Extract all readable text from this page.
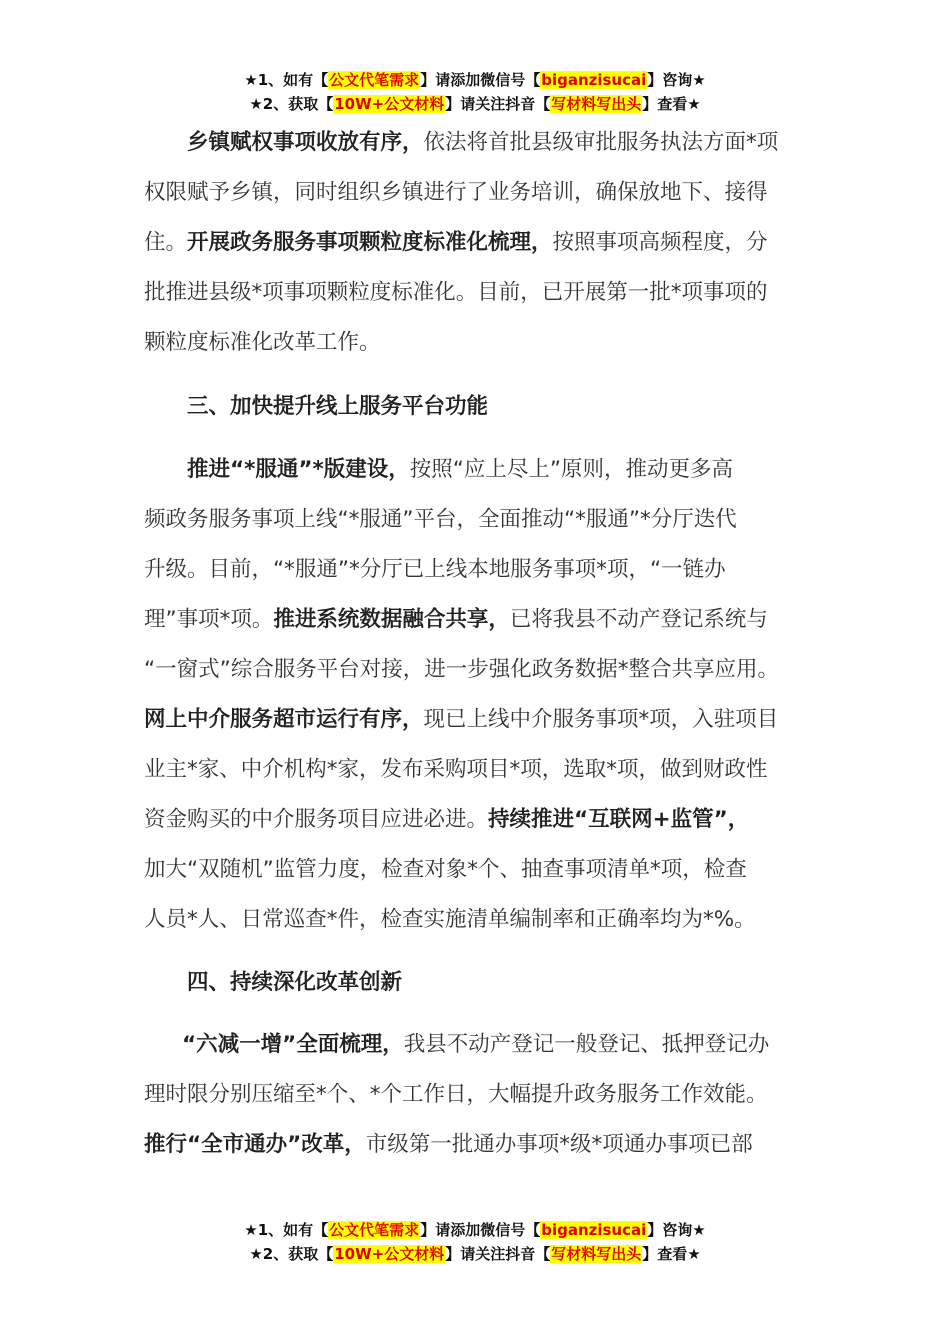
★1、如有【公文代笔需求】请添加微信号【biganzisucai】咨询★
★2、获取【10W+公文材料】请关注抖音【写材料写出头】查看★
乡镇赋权事项收放有序，依法将首批县级审批服务执法方面*项
权限赋予乡镇，同时组织乡镇进行了业务培训，确保放地下、接得
住。开展政务服务事项颗粒度标准化梳理，按照事项高频程度，分
批推进县级*项事项颗粒度标准化。目前，已开展第一批*项事项的
颗粒度标准化改革工作。
三、加快提升线上服务平台功能
推进“*服通”*版建设，按照“应上尽上”原则，推动更多高
频政务服务事项上线“*服通”平台，全面推动“*服通”*分厅迭代
升级。目前，“*服通”*分厅已上线本地服务事项*项，“一链办
理”事项*项。推进系统数据融合共享，已将我县不动产登记系统与
“一窗式”综合服务平台对接，进一步强化政务数据*整合共享应用。
网上中介服务超市运行有序，现已上线中介服务事项*项，入驻项目
业主*家、中介机构*家，发布采购项目*项，选取*项，做到财政性
资金购买的中介服务项目应进必进。持续推进“互联网+监管”，
加大“双随机”监管力度，检查对象*个、抽查事项清单*项，检查
人员*人、日常巡查*件，检查实施清单编制率和正确率均为*%。
四、持续深化改革创新
“六减一增”全面梳理，我县不动产登记一般登记、抵押登记办
理时限分别压缩至*个、*个工作日，大幅提升政务服务工作效能。
推行“全市通办”改革，市级第一批通办事项*级*项通办事项已部
★1、如有【公文代笔需求】请添加微信号【biganzisucai】咨询★
★2、获取【10W+公文材料】请关注抖音【写材料写出头】查看★
